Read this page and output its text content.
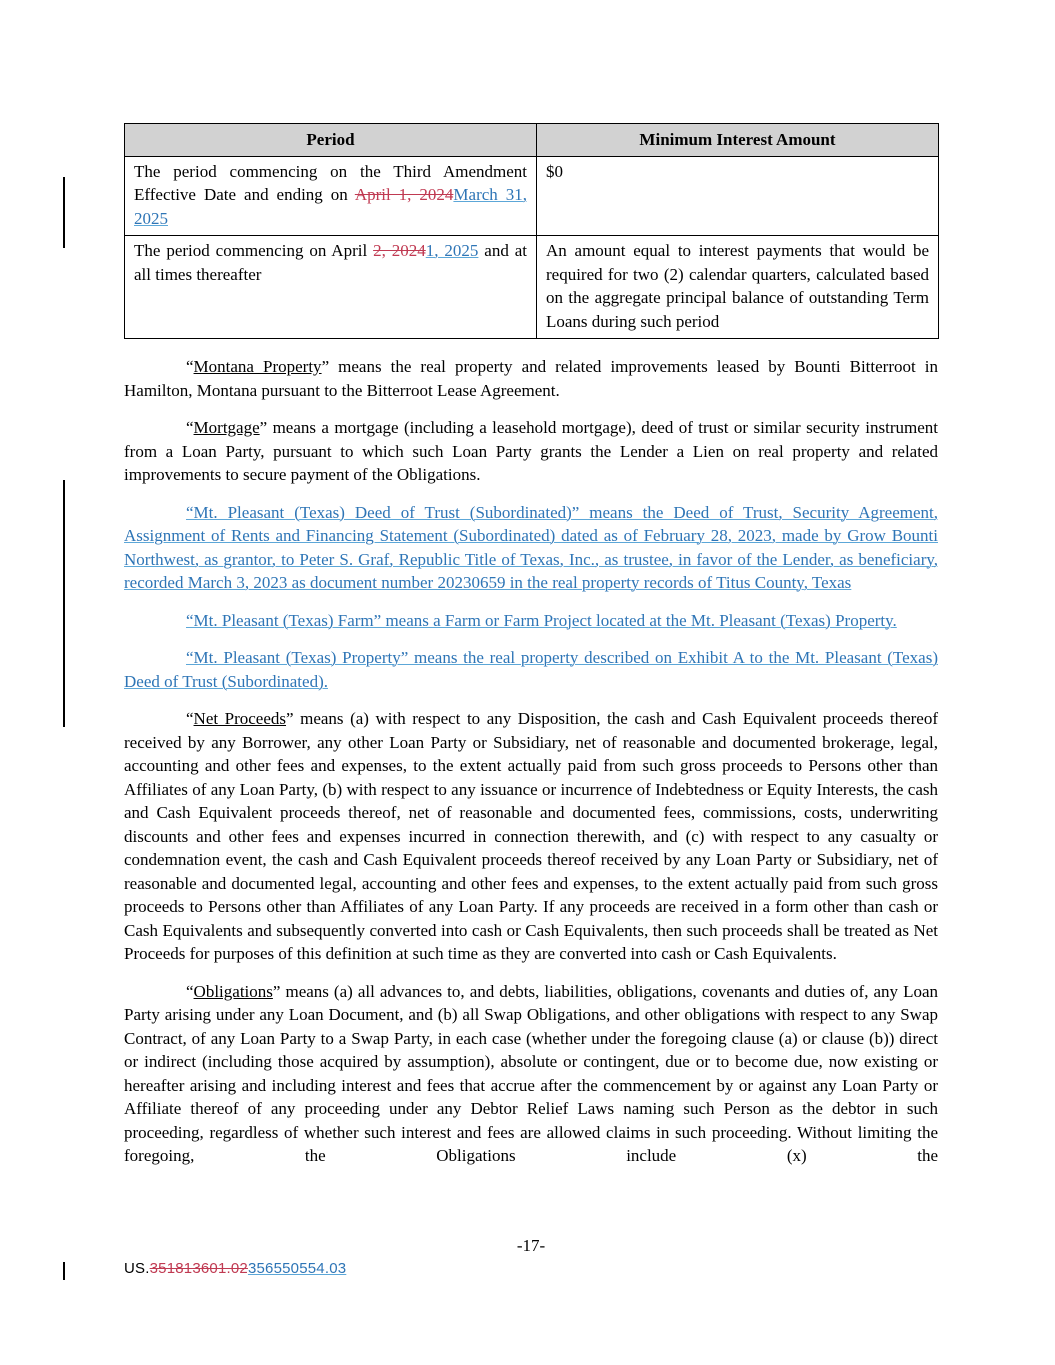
Period	Minimum Interest Amount
The period commencing on the Third Amendment Effective Date and ending on April 1, 2024March 31, 2025	$0
The period commencing on April 2, 20241, 2025 and at all times thereafter	An amount equal to interest payments that would be required for two (2) calendar quarters, calculated based on the aggregate principal balance of outstanding Term Loans during such period

“Montana Property” means the real property and related improvements leased by Bounti Bitterroot in Hamilton, Montana pursuant to the Bitterroot Lease Agreement.

“Mortgage” means a mortgage (including a leasehold mortgage), deed of trust or similar security instrument from a Loan Party, pursuant to which such Loan Party grants the Lender a Lien on real property and related improvements to secure payment of the Obligations.

“Mt. Pleasant (Texas) Deed of Trust (Subordinated)” means the Deed of Trust, Security Agreement, Assignment of Rents and Financing Statement (Subordinated) dated as of February 28, 2023, made by Grow Bounti Northwest, as grantor, to Peter S. Graf, Republic Title of Texas, Inc., as trustee, in favor of the Lender, as beneficiary, recorded March 3, 2023 as document number 20230659 in the real property records of Titus County, Texas

“Mt. Pleasant (Texas) Farm” means a Farm or Farm Project located at the Mt. Pleasant (Texas) Property.

“Mt. Pleasant (Texas) Property” means the real property described on Exhibit A to the Mt. Pleasant (Texas) Deed of Trust (Subordinated).

“Net Proceeds” means (a) with respect to any Disposition, the cash and Cash Equivalent proceeds thereof received by any Borrower, any other Loan Party or Subsidiary, net of reasonable and documented brokerage, legal, accounting and other fees and expenses, to the extent actually paid from such gross proceeds to Persons other than Affiliates of any Loan Party, (b) with respect to any issuance or incurrence of Indebtedness or Equity Interests, the cash and Cash Equivalent proceeds thereof, net of reasonable and documented fees, commissions, costs, underwriting discounts and other fees and expenses incurred in connection therewith, and (c) with respect to any casualty or condemnation event, the cash and Cash Equivalent proceeds thereof received by any Loan Party or Subsidiary, net of reasonable and documented legal, accounting and other fees and expenses, to the extent actually paid from such gross proceeds to Persons other than Affiliates of any Loan Party. If any proceeds are received in a form other than cash or Cash Equivalents and subsequently converted into cash or Cash Equivalents, then such proceeds shall be treated as Net Proceeds for purposes of this definition at such time as they are converted into cash or Cash Equivalents.

“Obligations” means (a) all advances to, and debts, liabilities, obligations, covenants and duties of, any Loan Party arising under any Loan Document, and (b) all Swap Obligations, and other obligations with respect to any Swap Contract, of any Loan Party to a Swap Party, in each case (whether under the foregoing clause (a) or clause (b)) direct or indirect (including those acquired by assumption), absolute or contingent, due or to become due, now existing or hereafter arising and including interest and fees that accrue after the commencement by or against any Loan Party or Affiliate thereof of any proceeding under any Debtor Relief Laws naming such Person as the debtor in such proceeding, regardless of whether such interest and fees are allowed claims in such proceeding. Without limiting the foregoing, the Obligations include (x) the

-17-
US.351813601.02356550554.03
